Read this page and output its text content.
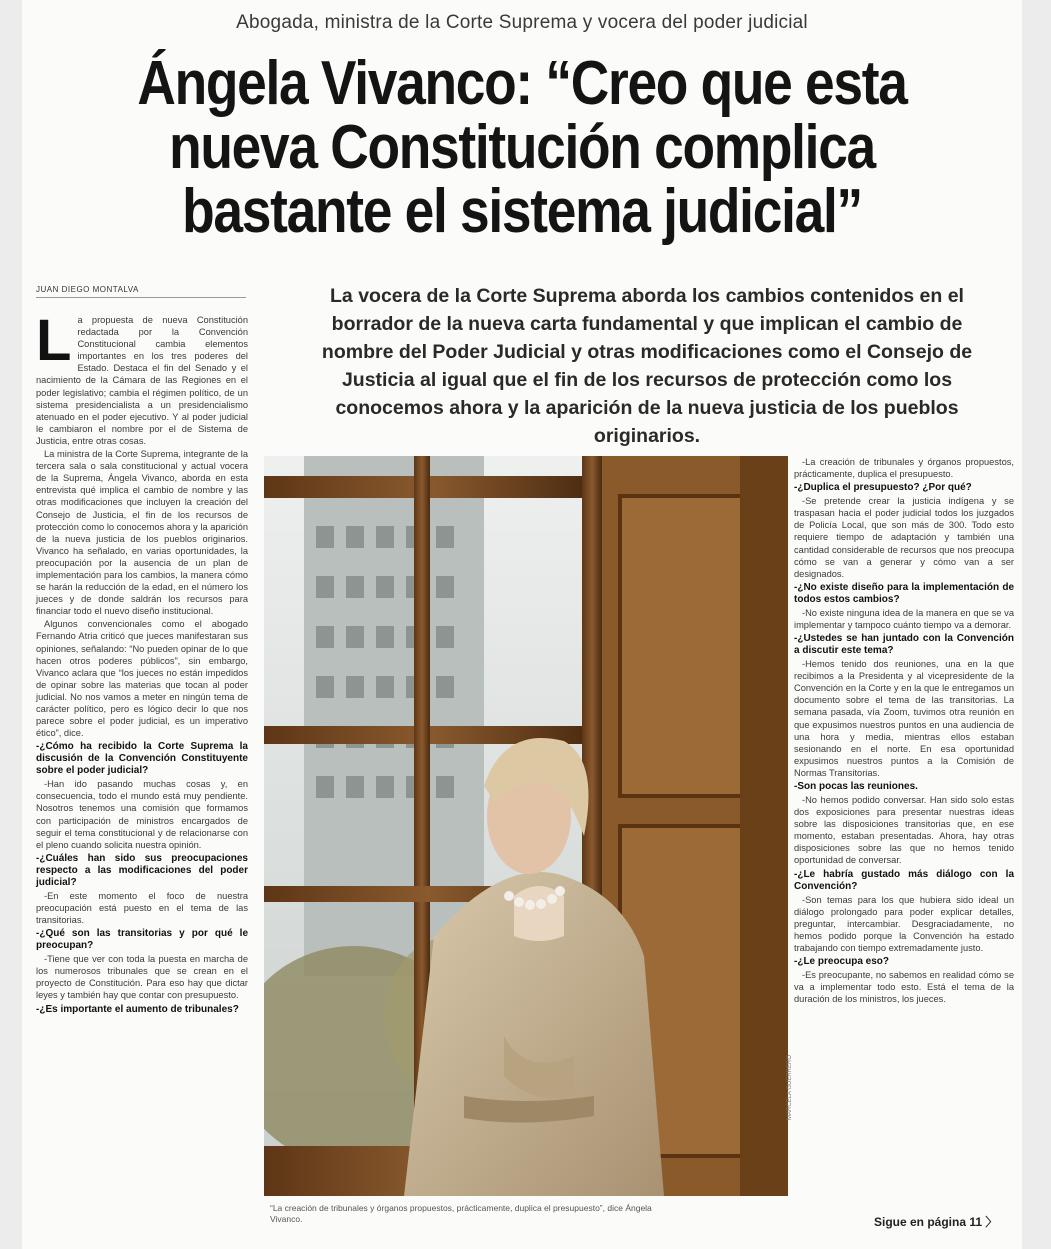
Abogada, ministra de la Corte Suprema y vocera del poder judicial
Ángela Vivanco: “Creo que esta
nueva Constitución complica
bastante el sistema judicial”
JUAN DIEGO MONTALVA	La vocera de la Corte Suprema aborda los cambios contenidos en el borrador de la nueva carta fundamental y que implican el cambio de nombre del Poder Judicial y otras modificaciones como el Consejo de Justicia al igual que el fin de los recursos de protección como los conocemos ahora y la aparición de la nueva justicia de los pueblos originarios.
L a propuesta de nueva Constitución redactada por la Convención Constitucional cambia elementos importantes en los tres poderes del Estado. Destaca el fin del Senado y el nacimiento de la Cámara de las Regiones en el poder legislativo; cambia el régimen político, de un sistema presidencialista a un presidencialismo atenuado en el poder ejecutivo. Y al poder judicial le cambiaron el nombre por el de Sistema de Justicia, entre otras cosas.

La ministra de la Corte Suprema, integrante de la tercera sala o sala constitucional y actual vocera de la Suprema, Ángela Vivanco, aborda en esta entrevista qué implica el cambio de nombre y las otras modificaciones que incluyen la creación del Consejo de Justicia, el fin de los recursos de protección como lo conocemos ahora y la aparición de la nueva justicia de los pueblos originarios. Vivanco ha señalado, en varias oportunidades, la preocupación por la ausencia de un plan de implementación para los cambios, la manera cómo se harán la reducción de la edad, en el número los jueces y de donde saldrán los recursos para financiar todo el nuevo diseño institucional.

Algunos convencionales como el abogado Fernando Atria criticó que jueces manifestaran sus opiniones, señalando: “No pueden opinar de lo que hacen otros poderes públicos”, sin embargo, Vivanco aclara que “los jueces no están impedidos de opinar sobre las materias que tocan al poder judicial. No nos vamos a meter en ningún tema de carácter político, pero es lógico decir lo que nos parece sobre el poder judicial, es un imperativo ético”, dice.

-¿Cómo ha recibido la Corte Suprema la discusión de la Convención Constituyente sobre el poder judicial?

-Han ido pasando muchas cosas y, en consecuencia, todo el mundo está muy pendiente. Nosotros tenemos una comisión que formamos con participación de ministros encargados de seguir el tema constitucional y de relacionarse con el pleno cuando solicita nuestra opinión.

-¿Cuáles han sido sus preocupaciones respecto a las modificaciones del poder judicial?

-En este momento el foco de nuestra preocupación está puesto en el tema de las transitorias.

-¿Qué son las transitorias y por qué le preocupan?

-Tiene que ver con toda la puesta en marcha de los numerosos tribunales que se crean en el proyecto de Constitución. Para eso hay que dictar leyes y también hay que contar con presupuesto.

-¿Es importante el aumento de tribunales?

MARCELA GUERRERO

-La creación de tribunales y órganos propuestos, prácticamente, duplica el presupuesto.

-¿Duplica el presupuesto? ¿Por qué?

-Se pretende crear la justicia indígena y se traspasan hacia el poder judicial todos los juzgados de Policía Local, que son más de 300. Todo esto requiere tiempo de adaptación y también una cantidad considerable de recursos que nos preocupa cómo se van a generar y cómo van a ser designados.

-¿No existe diseño para la implementación de todos estos cambios?

-No existe ninguna idea de la manera en que se va implementar y tampoco cuánto tiempo va a demorar.

-¿Ustedes se han juntado con la Convención a discutir este tema?

-Hemos tenido dos reuniones, una en la que recibimos a la Presidenta y al vicepresidente de la Convención en la Corte y en la que le entregamos un documento sobre el tema de las transitorias. La semana pasada, vía Zoom, tuvimos otra reunión en que expusimos nuestros puntos en una audiencia de una hora y media, mientras ellos estaban sesionando en el norte. En esa oportunidad expusimos nuestros puntos a la Comisión de Normas Transitorias.

-Son pocas las reuniones.

-No hemos podido conversar. Han sido solo estas dos exposiciones para presentar nuestras ideas sobre las disposiciones transitorias que, en ese momento, estaban presentadas. Ahora, hay otras disposiciones sobre las que no hemos tenido oportunidad de conversar.

-¿Le habría gustado más diálogo con la Convención?

-Son temas para los que hubiera sido ideal un diálogo prolongado para poder explicar detalles, preguntar, intercambiar. Desgraciadamente, no hemos podido porque la Convención ha estado trabajando con tiempo extremadamente justo.

-¿Le preocupa eso?

-Es preocupante, no sabemos en realidad cómo se va a implementar todo esto. Está el tema de la duración de los ministros, los jueces.

“La creación de tribunales y órganos propuestos, prácticamente, duplica el presupuesto”, dice Ángela Vivanco.	Sigue en página 11 〉
